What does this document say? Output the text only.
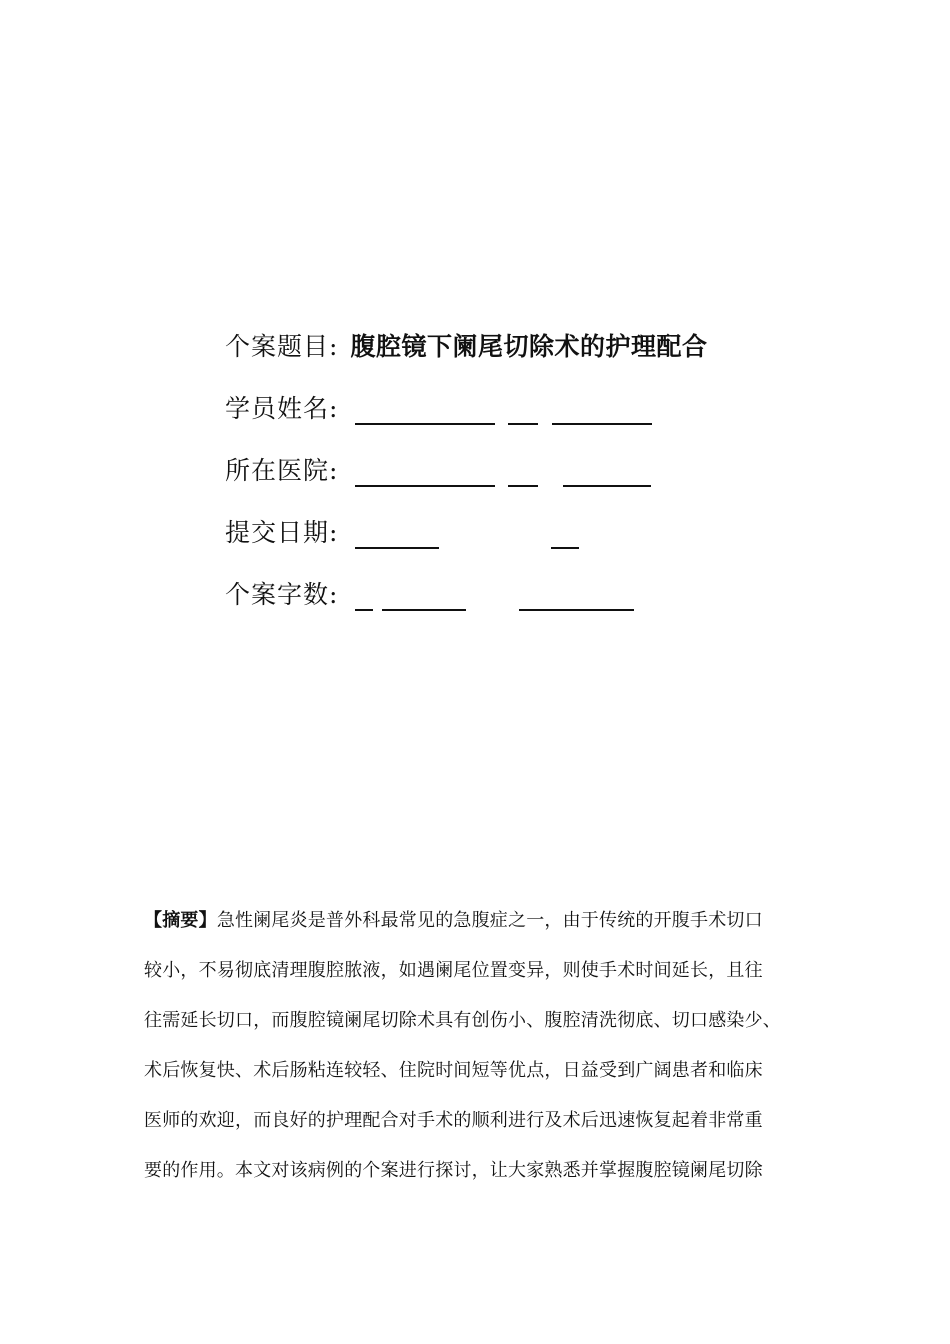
个案题目: 腹腔镜下阑尾切除术的护理配合
学员姓名:
所在医院:
提交日期:
个案字数:
【摘要】急性阑尾炎是普外科最常见的急腹症之一，由于传统的开腹手术切口
较小，不易彻底清理腹腔脓液，如遇阑尾位置变异，则使手术时间延长，且往
往需延长切口，而腹腔镜阑尾切除术具有创伤小、腹腔清洗彻底、切口感染少、
术后恢复快、术后肠粘连较轻、住院时间短等优点，日益受到广阔患者和临床
医师的欢迎，而良好的护理配合对手术的顺利进行及术后迅速恢复起着非常重
要的作用。本文对该病例的个案进行探讨，让大家熟悉并掌握腹腔镜阑尾切除
